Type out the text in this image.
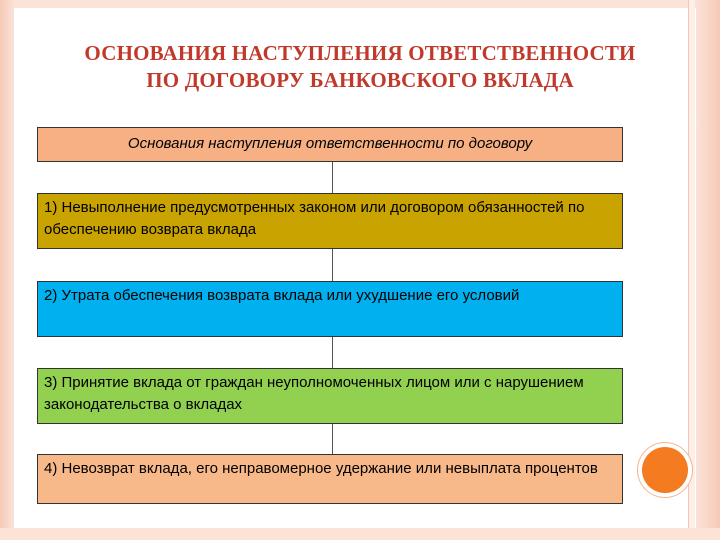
ОСНОВАНИЯ НАСТУПЛЕНИЯ ОТВЕТСТВЕННОСТИ
ПО ДОГОВОРУ БАНКОВСКОГО ВКЛАДА
Основания наступления ответственности по договору
1) Невыполнение предусмотренных законом или договором обязанностей по обеспечению возврата вклада
2) Утрата обеспечения возврата вклада или ухудшение его условий
3) Принятие вклада от граждан неуполномоченных лицом или с нарушением законодательства о вкладах
4) Невозврат вклада, его неправомерное удержание или невыплата процентов
